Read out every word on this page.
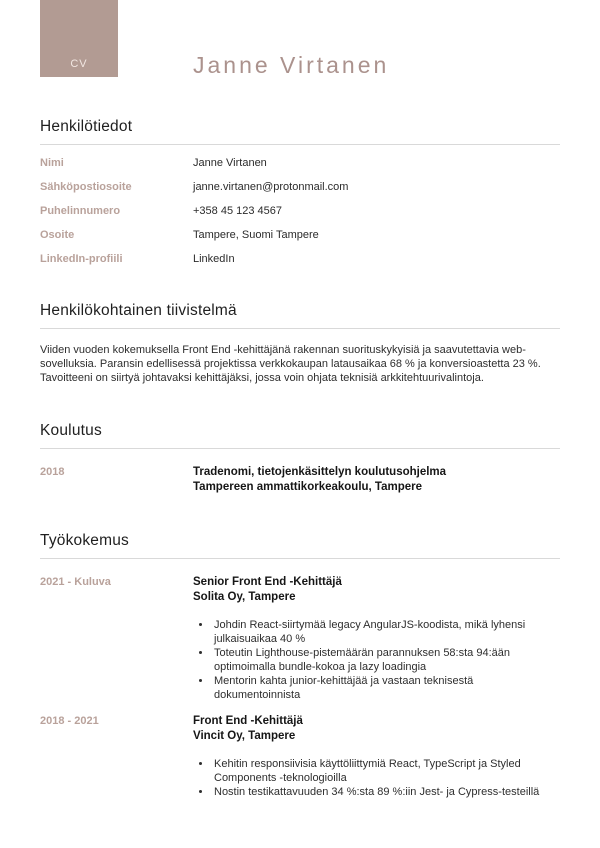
CV	Janne Virtanen
Henkilötiedot
Nimi	Janne Virtanen
Sähköpostiosoite	janne.virtanen@protonmail.com
Puhelinnumero	+358 45 123 4567
Osoite	Tampere, Suomi Tampere
LinkedIn-profiili	LinkedIn
Henkilökohtainen tiivistelmä

Viiden vuoden kokemuksella Front End -kehittäjänä rakennan suorituskykyisiä ja saavutettavia web-sovelluksia. Paransin edellisessä projektissa verkkokaupan latausaikaa 68 % ja konversioastetta 23 %. Tavoitteeni on siirtyä johtavaksi kehittäjäksi, jossa voin ohjata teknisiä arkkitehtuurivalintoja.

Koulutus
2018	Tradenomi, tietojenkäsittelyn koulutusohjelma
Tampereen ammattikorkeakoulu, Tampere
Työkokemus
2021 - Kuluva	Senior Front End -Kehittäjä
Solita Oy, Tampere
• Johdin React-siirtymää legacy AngularJS-koodista, mikä lyhensi julkaisuaikaa 40 %
• Toteutin Lighthouse-pistemäärän parannuksen 58:sta 94:ään optimoimalla bundle-kokoa ja lazy loadingia
• Mentorin kahta junior-kehittäjää ja vastaan teknisestä dokumentoinnista
2018 - 2021	Front End -Kehittäjä
Vincit Oy, Tampere
• Kehitin responsiivisia käyttöliittymiä React, TypeScript ja Styled Components -teknologioilla
• Nostin testikattavuuden 34 %:sta 89 %:iin Jest- ja Cypress-testeillä
